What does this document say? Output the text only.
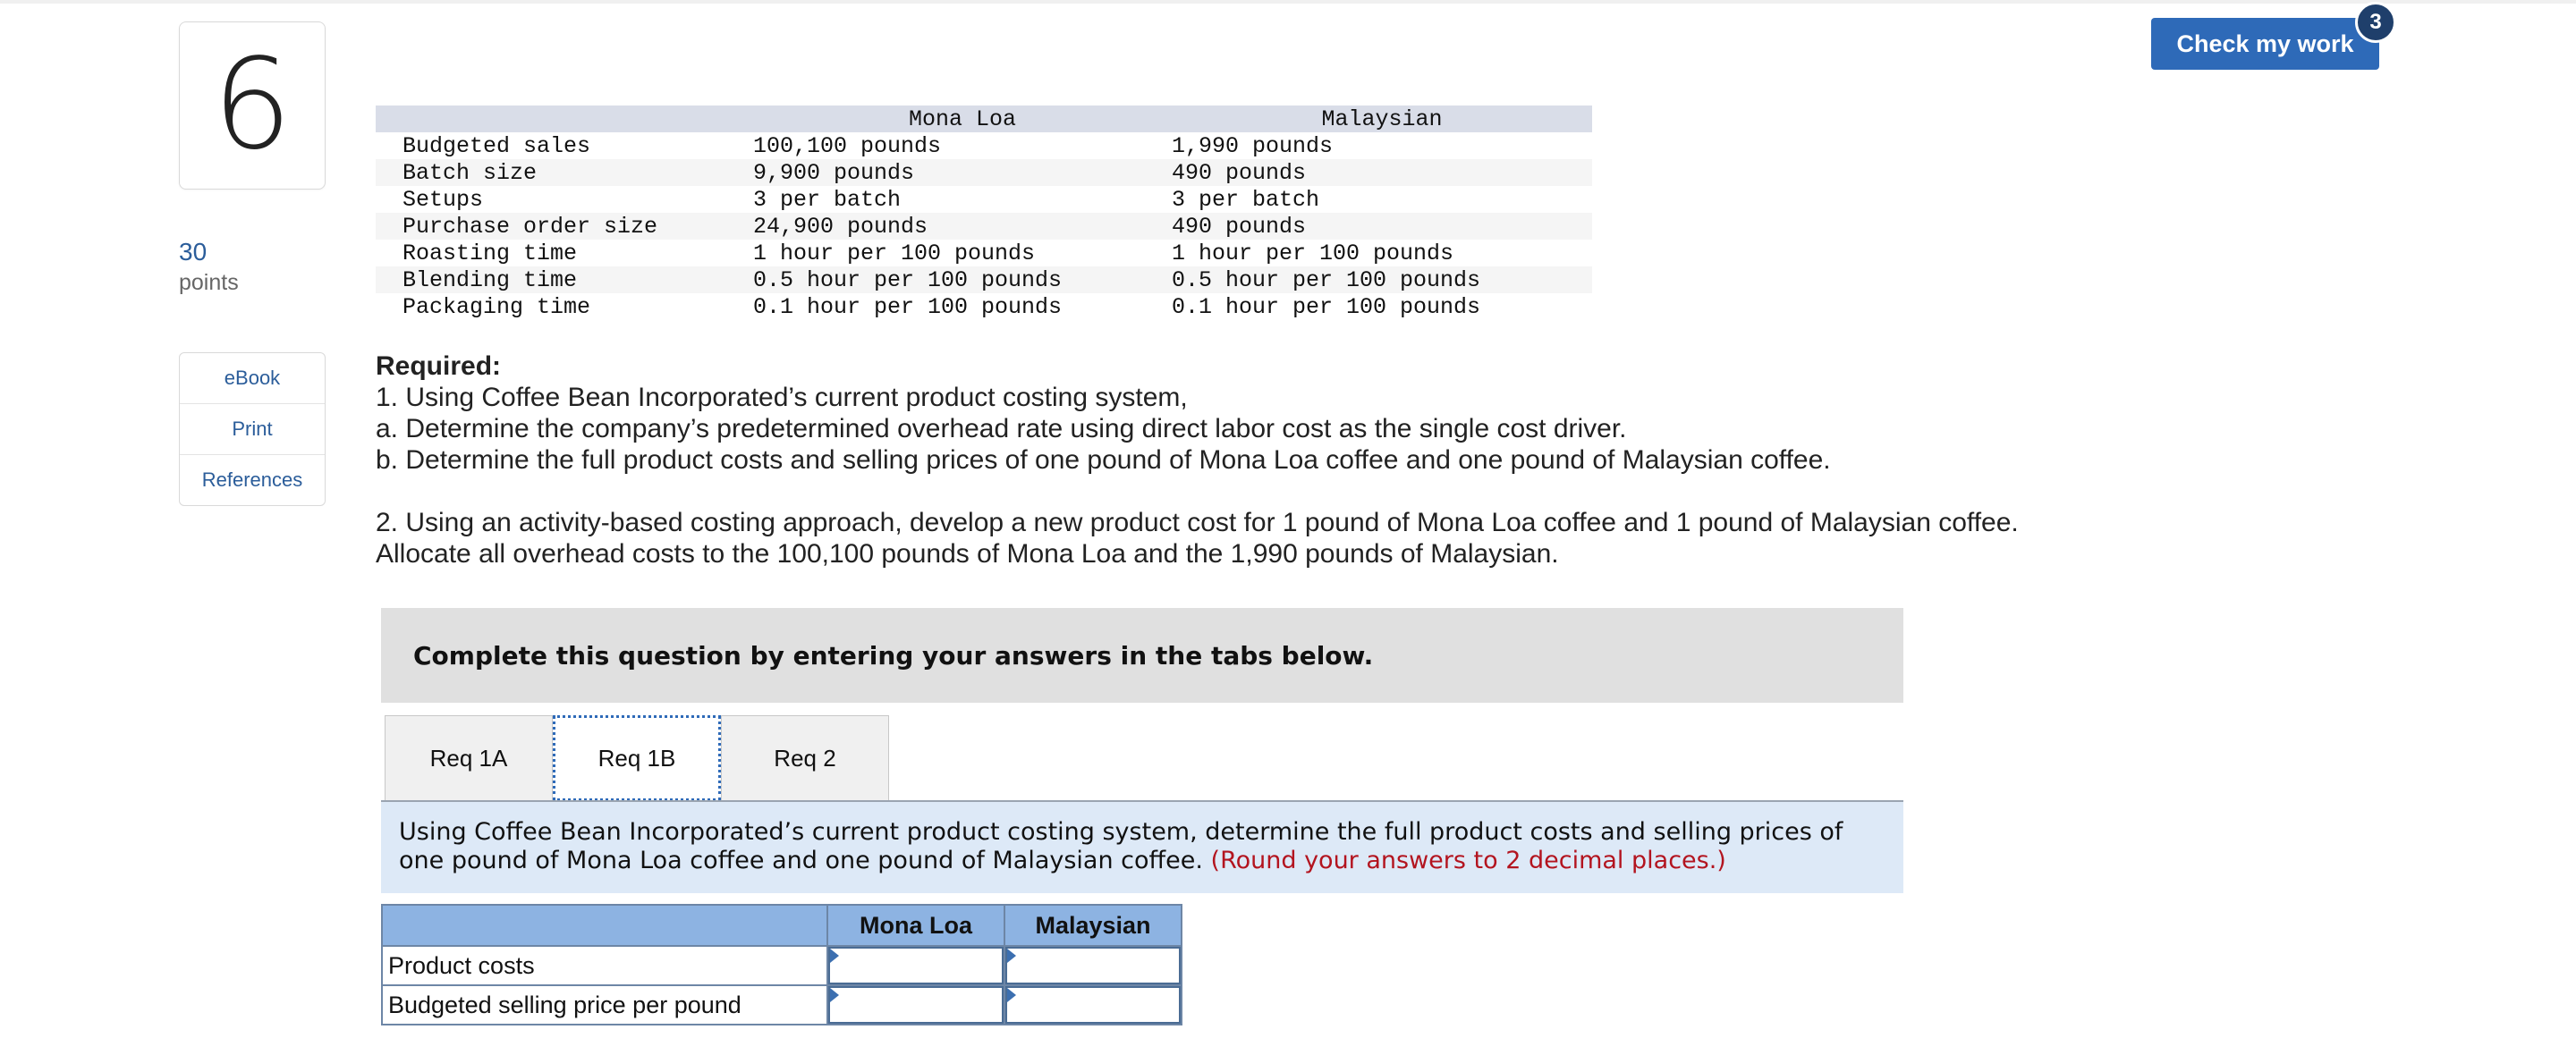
6
30
points
eBook
Print
References
Check my work
3
	Mona Loa	Malaysian
Budgeted sales	100,100 pounds	1,990 pounds
Batch size	9,900 pounds	490 pounds
Setups	3 per batch	3 per batch
Purchase order size	24,900 pounds	490 pounds
Roasting time	1 hour per 100 pounds	1 hour per 100 pounds
Blending time	0.5 hour per 100 pounds	0.5 hour per 100 pounds
Packaging time	0.1 hour per 100 pounds	0.1 hour per 100 pounds

Required:

1. Using Coffee Bean Incorporated’s current product costing system,

a. Determine the company’s predetermined overhead rate using direct labor cost as the single cost driver.

b. Determine the full product costs and selling prices of one pound of Mona Loa coffee and one pound of Malaysian coffee.

2. Using an activity-based costing approach, develop a new product cost for 1 pound of Mona Loa coffee and 1 pound of Malaysian coffee. Allocate all overhead costs to the 100,100 pounds of Mona Loa and the 1,990 pounds of Malaysian.

Complete this question by entering your answers in the tabs below.
Req 1A	Req 1B	Req 2
Using Coffee Bean Incorporated’s current product costing system, determine the full product costs and selling prices of one pound of Mona Loa coffee and one pound of Malaysian coffee. (Round your answers to 2 decimal places.)
	Mona Loa	Malaysian
Product costs	

Budgeted selling price per pound	
